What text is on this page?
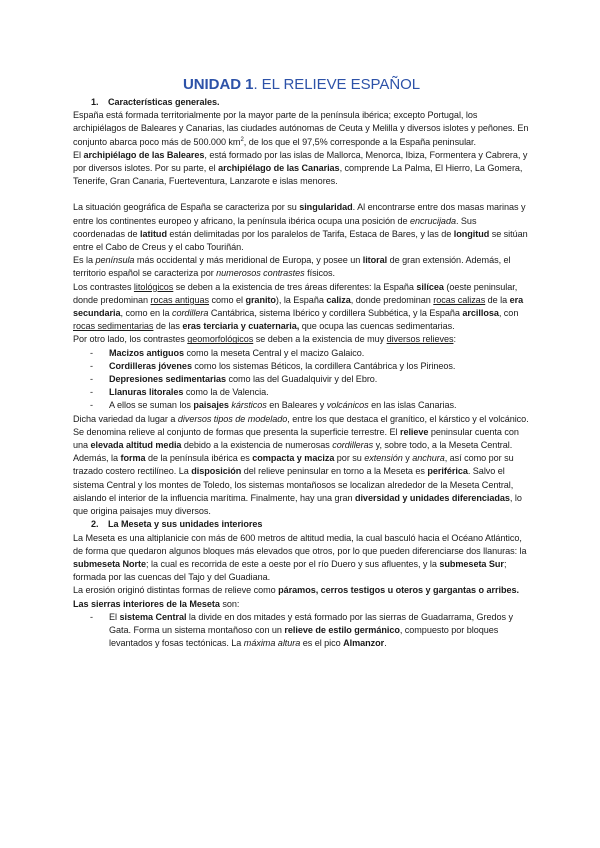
UNIDAD 1. EL RELIEVE ESPAÑOL

1. Características generales.

España está formada territorialmente por la mayor parte de la península ibérica; excepto Portugal, los archipiélagos de Baleares y Canarias, las ciudades autónomas de Ceuta y Melilla y diversos islotes y peñones. En conjunto abarca poco más de 500.000 $km^2$, de los que el 97,5% corresponde a la España peninsular.

El archipiélago de las Baleares, está formado por las islas de Mallorca, Menorca, Ibiza, Formentera y Cabrera, y por diversos islotes. Por su parte, el archipiélago de las Canarias, comprende La Palma, El Hierro, La Gomera, Tenerife, Gran Canaria, Fuerteventura, Lanzarote e islas menores.

La situación geográfica de España se caracteriza por su singularidad. Al encontrarse entre dos masas marinas y entre los continentes europeo y africano, la península ibérica ocupa una posición de encrucijada. Sus coordenadas de latitud están delimitadas por los paralelos de Tarifa, Estaca de Bares, y las de longitud se sitúan entre el Cabo de Creus y el cabo Touriñán.

Es la península más occidental y más meridional de Europa, y posee un litoral de gran extensión. Además, el territorio español se caracteriza por numerosos contrastes físicos.

Los contrastes litológicos se deben a la existencia de tres áreas diferentes: la España silícea (oeste peninsular, donde predominan rocas antiguas como el granito), la España caliza, donde predominan rocas calizas de la era secundaria, como en la cordillera Cantábrica, sistema Ibérico y cordillera Subbética, y la España arcillosa, con rocas sedimentarias de las eras terciaria y cuaternaria, que ocupa las cuencas sedimentarias.

Por otro lado, los contrastes geomorfológicos se deben a la existencia de muy diversos relieves:

- Macizos antiguos como la meseta Central y el macizo Galaico.
- Cordilleras jóvenes como los sistemas Béticos, la cordillera Cantábrica y los Pirineos.
- Depresiones sedimentarias como las del Guadalquivir y del Ebro.
- Llanuras litorales como la de Valencia.
- A ellos se suman los paisajes kársticos en Baleares y volcánicos en las islas Canarias.

Dicha variedad da lugar a diversos tipos de modelado, entre los que destaca el granítico, el kárstico y el volcánico.

Se denomina relieve al conjunto de formas que presenta la superficie terrestre. El relieve peninsular cuenta con una elevada altitud media debido a la existencia de numerosas cordilleras y, sobre todo, a la Meseta Central. Además, la forma de la península ibérica es compacta y maciza por su extensión y anchura, así como por su trazado costero rectilíneo. La disposición del relieve peninsular en torno a la Meseta es periférica. Salvo el sistema Central y los montes de Toledo, los sistemas montañosos se localizan alrededor de la Meseta Central, aislando el interior de la influencia marítima. Finalmente, hay una gran diversidad y unidades diferenciadas, lo que origina paisajes muy diversos.

2. La Meseta y sus unidades interiores

La Meseta es una altiplanicie con más de 600 metros de altitud media, la cual basculó hacia el Océano Atlántico, de forma que quedaron algunos bloques más elevados que otros, por lo que pueden diferenciarse dos llanuras: la submeseta Norte; la cual es recorrida de este a oeste por el río Duero y sus afluentes, y la submeseta Sur; formada por las cuencas del Tajo y del Guadiana.

La erosión originó distintas formas de relieve como páramos, cerros testigos u oteros y gargantas o arribes.

Las sierras interiores de la Meseta son:

- El sistema Central la divide en dos mitades y está formado por las sierras de Guadarrama, Gredos y Gata. Forma un sistema montañoso con un relieve de estilo germánico, compuesto por bloques levantados y fosas tectónicas. La máxima altura es el pico Almanzor.
